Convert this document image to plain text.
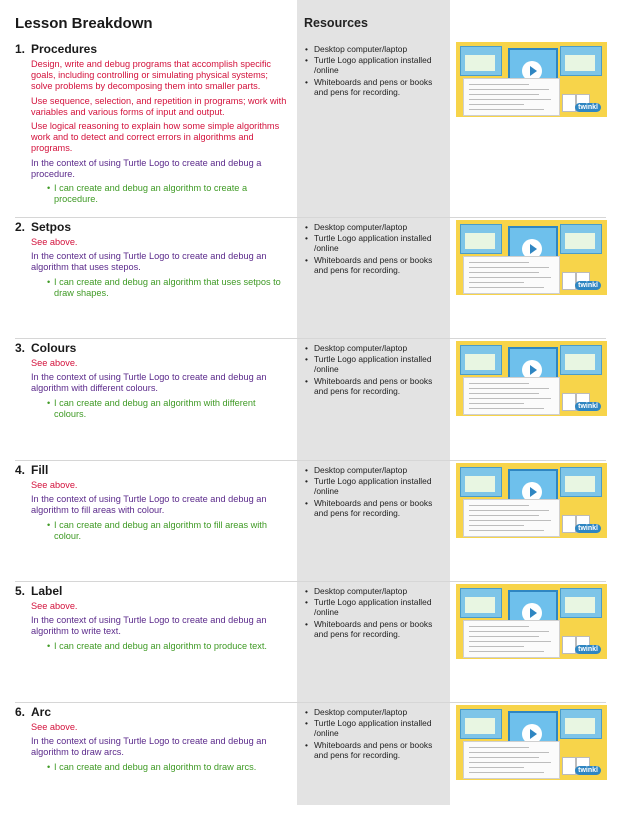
Lesson Breakdown	Resources
1. Procedures

Design, write and debug programs that accomplish specific goals, including controlling or simulating physical systems; solve problems by decomposing them into smaller parts.

Use sequence, selection, and repetition in programs; work with variables and various forms of input and output.

Use logical reasoning to explain how some simple algorithms work and to detect and correct errors in algorithms and programs.

In the context of using Turtle Logo to create and debug a procedure.

• I can create and debug an algorithm to create a procedure.
• Desktop computer/laptop
• Turtle Logo application installed /online
• Whiteboards and pens or books and pens for recording.
twinkl
2. Setpos

See above.

In the context of using Turtle Logo to create and debug an algorithm that uses stepos.

• I can create and debug an algorithm that uses setpos to draw shapes.
• Desktop computer/laptop
• Turtle Logo application installed /online
• Whiteboards and pens or books and pens for recording.
twinkl
3. Colours

See above.

In the context of using Turtle Logo to create and debug an algorithm with different colours.

• I can create and debug an algorithm with different colours.
• Desktop computer/laptop
• Turtle Logo application installed /online
• Whiteboards and pens or books and pens for recording.
twinkl
4. Fill

See above.

In the context of using Turtle Logo to create and debug an algorithm to fill areas with colour.

• I can create and debug an algorithm to fill areas with colour.
• Desktop computer/laptop
• Turtle Logo application installed /online
• Whiteboards and pens or books and pens for recording.
twinkl
5. Label

See above.

In the context of using Turtle Logo to create and debug an algorithm to write text.

• I can create and debug an algorithm to produce text.
• Desktop computer/laptop
• Turtle Logo application installed /online
• Whiteboards and pens or books and pens for recording.
twinkl
6. Arc

See above.

In the context of using Turtle Logo to create and debug an algorithm to draw arcs.

• I can create and debug an algorithm to draw arcs.
• Desktop computer/laptop
• Turtle Logo application installed /online
• Whiteboards and pens or books and pens for recording.
twinkl
